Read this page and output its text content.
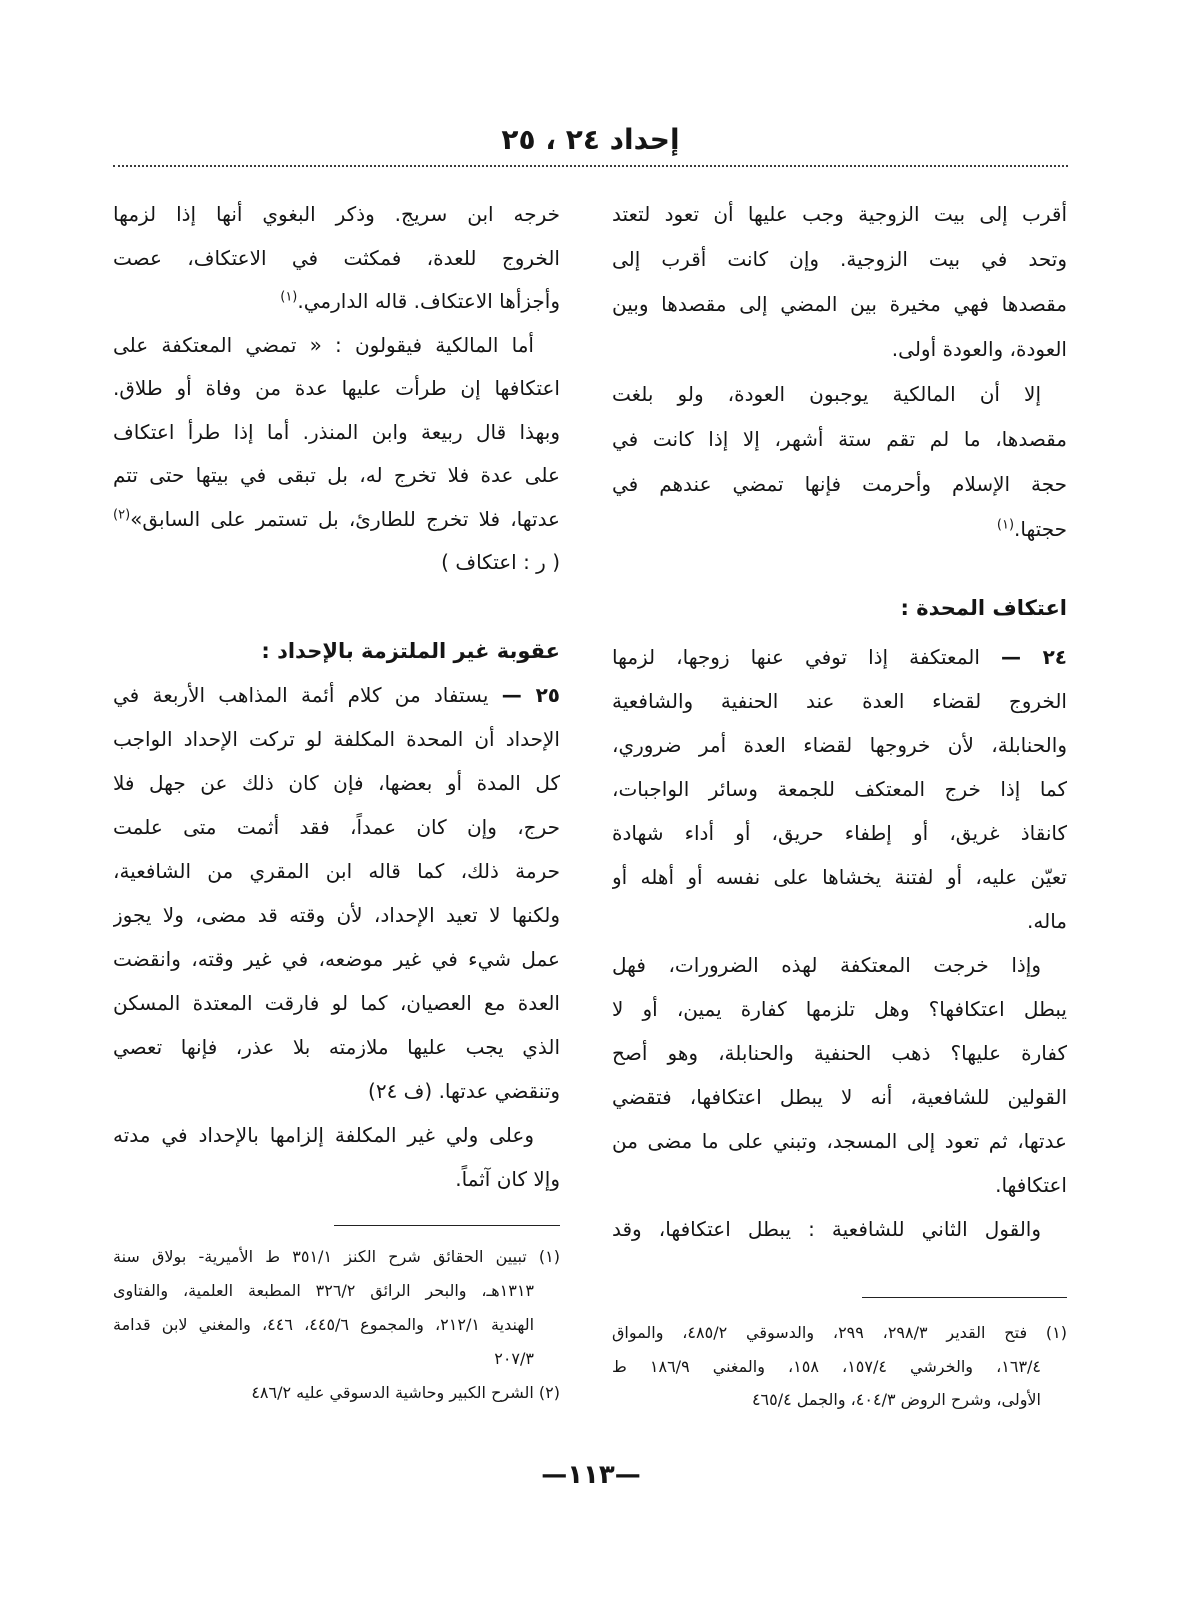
إحداد ٢٤ ، ٢٥
أقرب إلى بيت الزوجية وجب عليها أن تعود لتعتد
وتحد في بيت الزوجية. وإن كانت أقرب إلى
مقصدها فهي مخيرة بين المضي إلى مقصدها وبين
العودة، والعودة أولى.
إلا أن المالكية يوجبون العودة، ولو بلغت
مقصدها، ما لم تقم ستة أشهر، إلا إذا كانت في
حجة الإسلام وأحرمت فإنها تمضي عندهم في
حجتها.$^{(١)}$
اعتكاف المحدة :
٢٤ — المعتكفة إذا توفي عنها زوجها، لزمها
الخروج لقضاء العدة عند الحنفية والشافعية
والحنابلة، لأن خروجها لقضاء العدة أمر ضروري،
كما إذا خرج المعتكف للجمعة وسائر الواجبات،
كانقاذ غريق، أو إطفاء حريق، أو أداء شهادة
تعيّن عليه، أو لفتنة يخشاها على نفسه أو أهله أو
ماله.
وإذا خرجت المعتكفة لهذه الضرورات، فهل
يبطل اعتكافها؟ وهل تلزمها كفارة يمين، أو لا
كفارة عليها؟ ذهب الحنفية والحنابلة، وهو أصح
القولين للشافعية، أنه لا يبطل اعتكافها، فتقضي
عدتها، ثم تعود إلى المسجد، وتبني على ما مضى من
اعتكافها.
والقول الثاني للشافعية : يبطل اعتكافها، وقد
(١) فتح القدير ٢٩٨/٣، ٢٩٩، والدسوقي ٤٨٥/٢، والمواق
١٦٣/٤، والخرشي ١٥٧/٤، ١٥٨، والمغني ١٨٦/٩ ط
الأولى، وشرح الروض ٤٠٤/٣، والجمل ٤٦٥/٤
خرجه ابن سريج. وذكر البغوي أنها إذا لزمها
الخروج للعدة، فمكثت في الاعتكاف، عصت
وأجزأها الاعتكاف. قاله الدارمي.$^{(١)}$
أما المالكية فيقولون : « تمضي المعتكفة على
اعتكافها إن طرأت عليها عدة من وفاة أو طلاق.
وبهذا قال ربيعة وابن المنذر. أما إذا طرأ اعتكاف
على عدة فلا تخرج له، بل تبقى في بيتها حتى تتم
عدتها، فلا تخرج للطارئ، بل تستمر على السابق»$^{(٢)}$
( ر : اعتكاف )
عقوبة غير الملتزمة بالإحداد :
٢٥ — يستفاد من كلام أئمة المذاهب الأربعة في
الإحداد أن المحدة المكلفة لو تركت الإحداد الواجب
كل المدة أو بعضها، فإن كان ذلك عن جهل فلا
حرج، وإن كان عمداً، فقد أثمت متى علمت
حرمة ذلك، كما قاله ابن المقري من الشافعية،
ولكنها لا تعيد الإحداد، لأن وقته قد مضى، ولا يجوز
عمل شيء في غير موضعه، في غير وقته، وانقضت
العدة مع العصيان، كما لو فارقت المعتدة المسكن
الذي يجب عليها ملازمته بلا عذر، فإنها تعصي
وتنقضي عدتها. (ف ٢٤)
وعلى ولي غير المكلفة إلزامها بالإحداد في مدته
وإلا كان آثماً.
(١) تبيين الحقائق شرح الكنز ٣٥١/١ ط الأميرية- بولاق سنة
١٣١٣هـ، والبحر الرائق ٣٢٦/٢ المطبعة العلمية، والفتاوى
الهندية ٢١٢/١، والمجموع ٤٤٥/٦، ٤٤٦، والمغني لابن قدامة
٢٠٧/٣
(٢) الشرح الكبير وحاشية الدسوقي عليه ٤٨٦/٢
—١١٣—
